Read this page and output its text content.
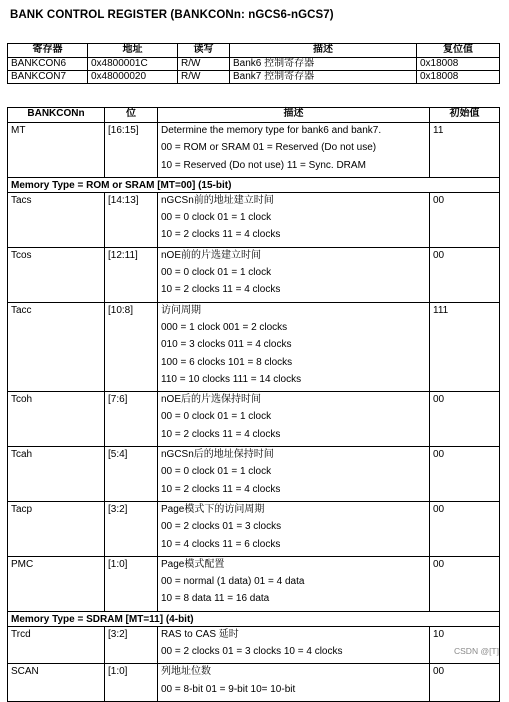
BANK CONTROL REGISTER (BANKCONn: nGCS6-nGCS7)
寄存器	地址	读写	描述	复位值
BANKCON6	0x4800001C	R/W	Bank6 控制寄存器	0x18008
BANKCON7	0x48000020	R/W	Bank7 控制寄存器	0x18008
BANKCONn	位	描述	初始值
MT	[16:15]	Determine the memory type for bank6 and bank7.
00 = ROM or SRAM 01 = Reserved (Do not use)
10 = Reserved (Do not use) 11 = Sync. DRAM	11
Memory Type = ROM or SRAM [MT=00] (15-bit)			
Tacs	[14:13]	nGCSn前的地址建立时间
00 = 0 clock 01 = 1 clock
10 = 2 clocks 11 = 4 clocks	00
Tcos	[12:11]	nOE前的片选建立时间
00 = 0 clock 01 = 1 clock
10 = 2 clocks 11 = 4 clocks	00
Tacc	[10:8]	访问周期
000 = 1 clock 001 = 2 clocks
010 = 3 clocks 011 = 4 clocks
100 = 6 clocks 101 = 8 clocks
110 = 10 clocks 111 = 14 clocks	111
Tcoh	[7:6]	nOE后的片选保持时间
00 = 0 clock 01 = 1 clock
10 = 2 clocks 11 = 4 clocks	00
Tcah	[5:4]	nGCSn后的地址保持时间
00 = 0 clock 01 = 1 clock
10 = 2 clocks 11 = 4 clocks	00
Tacp	[3:2]	Page模式下的访问周期
00 = 2 clocks 01 = 3 clocks
10 = 4 clocks 11 = 6 clocks	00
PMC	[1:0]	Page模式配置
00 = normal (1 data) 01 = 4 data
10 = 8 data 11 = 16 data	00
Memory Type = SDRAM [MT=11] (4-bit)			
Trcd	[3:2]	RAS to CAS 延时
00 = 2 clocks 01 = 3 clocks 10 = 4 clocks	10
SCAN	[1:0]	列地址位数
00 = 8-bit 01 = 9-bit 10= 10-bit	00
CSDN @[T]
